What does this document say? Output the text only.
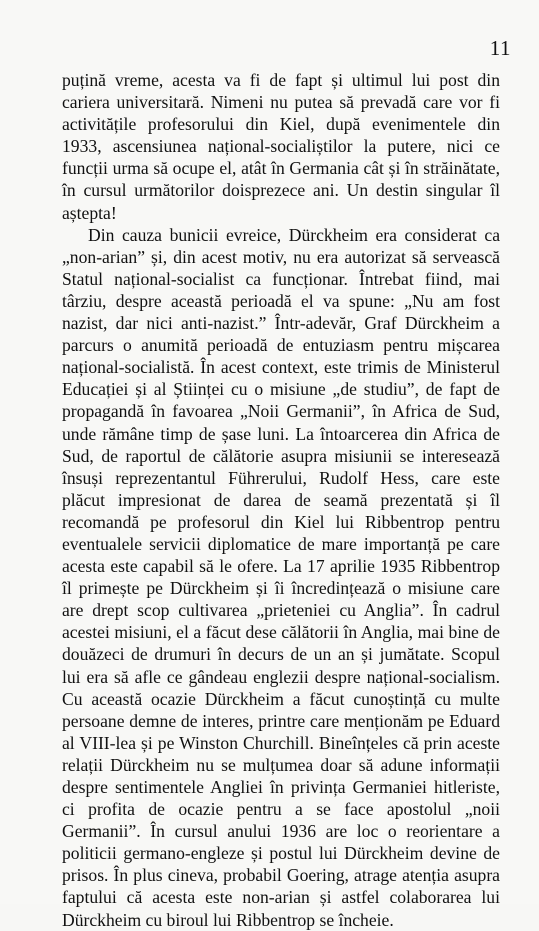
11

puțină vreme, acesta va fi de fapt și ultimul lui post din cariera universitară. Nimeni nu putea să prevadă care vor fi activitățile profesorului din Kiel, după evenimentele din 1933, ascensiunea național-socialiștilor la putere, nici ce funcții urma să ocupe el, atât în Germania cât și în străinătate, în cursul următorilor doisprezece ani. Un destin singular îl aștepta!

Din cauza bunicii evreice, Dürckheim era considerat ca „non-arian” și, din acest motiv, nu era autorizat să servească Statul național-socialist ca funcționar. Întrebat fiind, mai târziu, despre această perioadă el va spune: „Nu am fost nazist, dar nici anti-nazist.” Într-adevăr, Graf Dürckheim a parcurs o anumită perioadă de entuziasm pentru mișcarea național-socialistă. În acest context, este trimis de Ministerul Educației și al Științei cu o misiune „de studiu”, de fapt de propagandă în favoarea „Noii Germanii”, în Africa de Sud, unde rămâne timp de șase luni. La întoarcerea din Africa de Sud, de raportul de călătorie asupra misiunii se interesează însuși reprezentantul Führerului, Rudolf Hess, care este plăcut impresionat de darea de seamă prezentată și îl recomandă pe profesorul din Kiel lui Ribbentrop pentru eventualele servicii diplomatice de mare importanță pe care acesta este capabil să le ofere. La 17 aprilie 1935 Ribbentrop îl primește pe Dürckheim și îi încredințează o misiune care are drept scop cultivarea „prieteniei cu Anglia”. În cadrul acestei misiuni, el a făcut dese călătorii în Anglia, mai bine de douăzeci de drumuri în decurs de un an și jumătate. Scopul lui era să afle ce gândeau englezii despre național-socialism. Cu această ocazie Dürckheim a făcut cunoștință cu multe persoane demne de interes, printre care menționăm pe Eduard al VIII-lea și pe Winston Churchill. Bineînțeles că prin aceste relații Dürckheim nu se mulțumea doar să adune informații despre sentimentele Angliei în privința Germaniei hitleriste, ci profita de ocazie pentru a se face apostolul „noii Germanii”. În cursul anului 1936 are loc o reorientare a politicii germano-engleze și postul lui Dürckheim devine de prisos. În plus cineva, probabil Goering, atrage atenția asupra faptului că acesta este non-arian și astfel colaborarea lui Dürckheim cu biroul lui Ribbentrop se încheie.
